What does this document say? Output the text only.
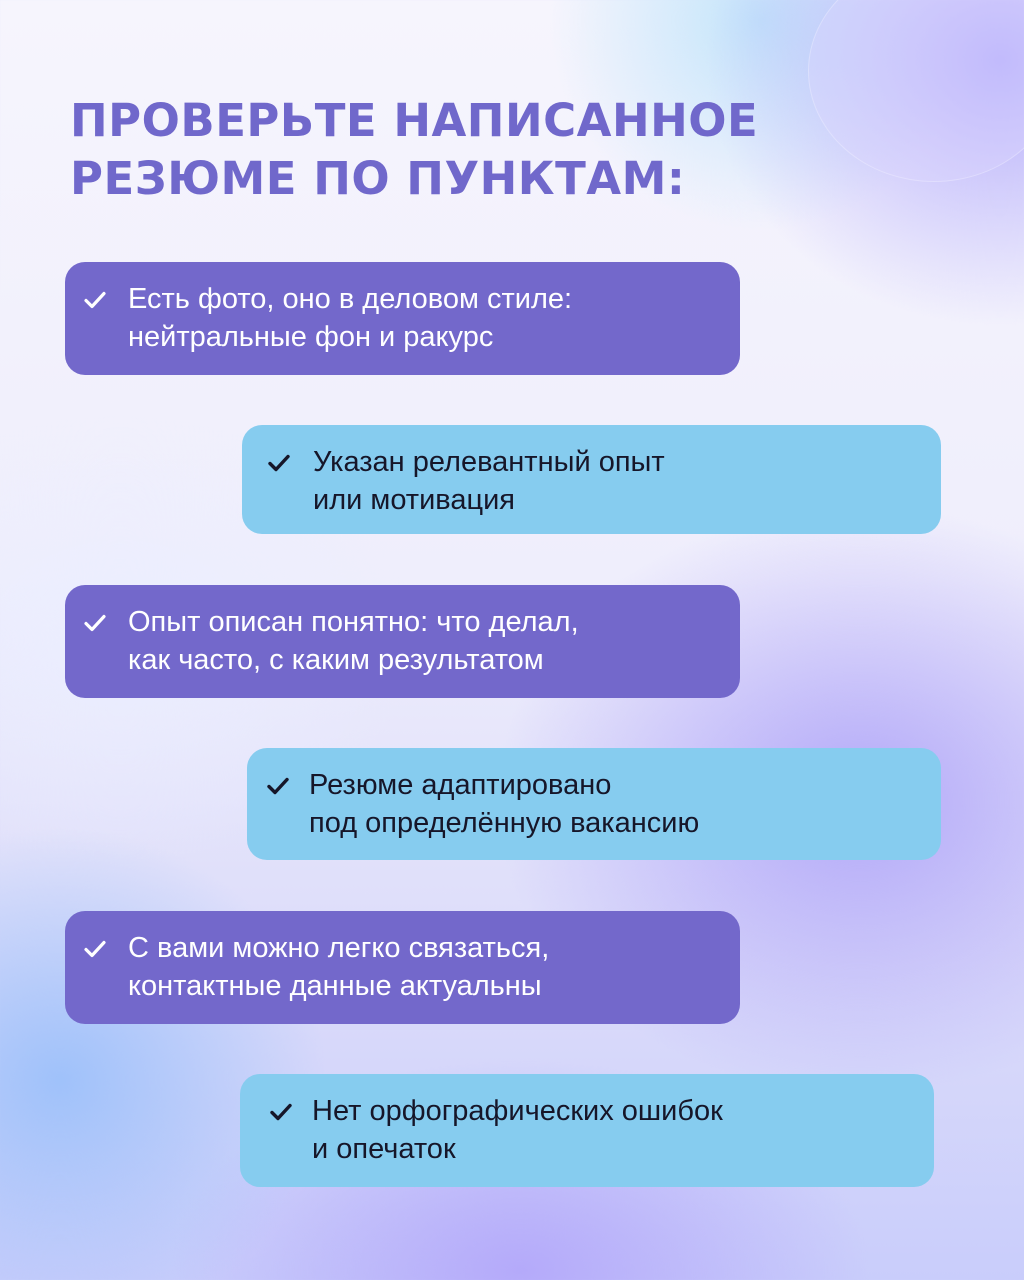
ПРОВЕРЬТЕ НАПИСАННОЕ
РЕЗЮМЕ ПО ПУНКТАМ:
Есть фото, оно в деловом стиле:
нейтральные фон и ракурс
Указан релевантный опыт
или мотивация
Опыт описан понятно: что делал,
как часто, с каким результатом
Резюме адаптировано
под определённую вакансию
С вами можно легко связаться,
контактные данные актуальны
Нет орфографических ошибок
и опечаток
